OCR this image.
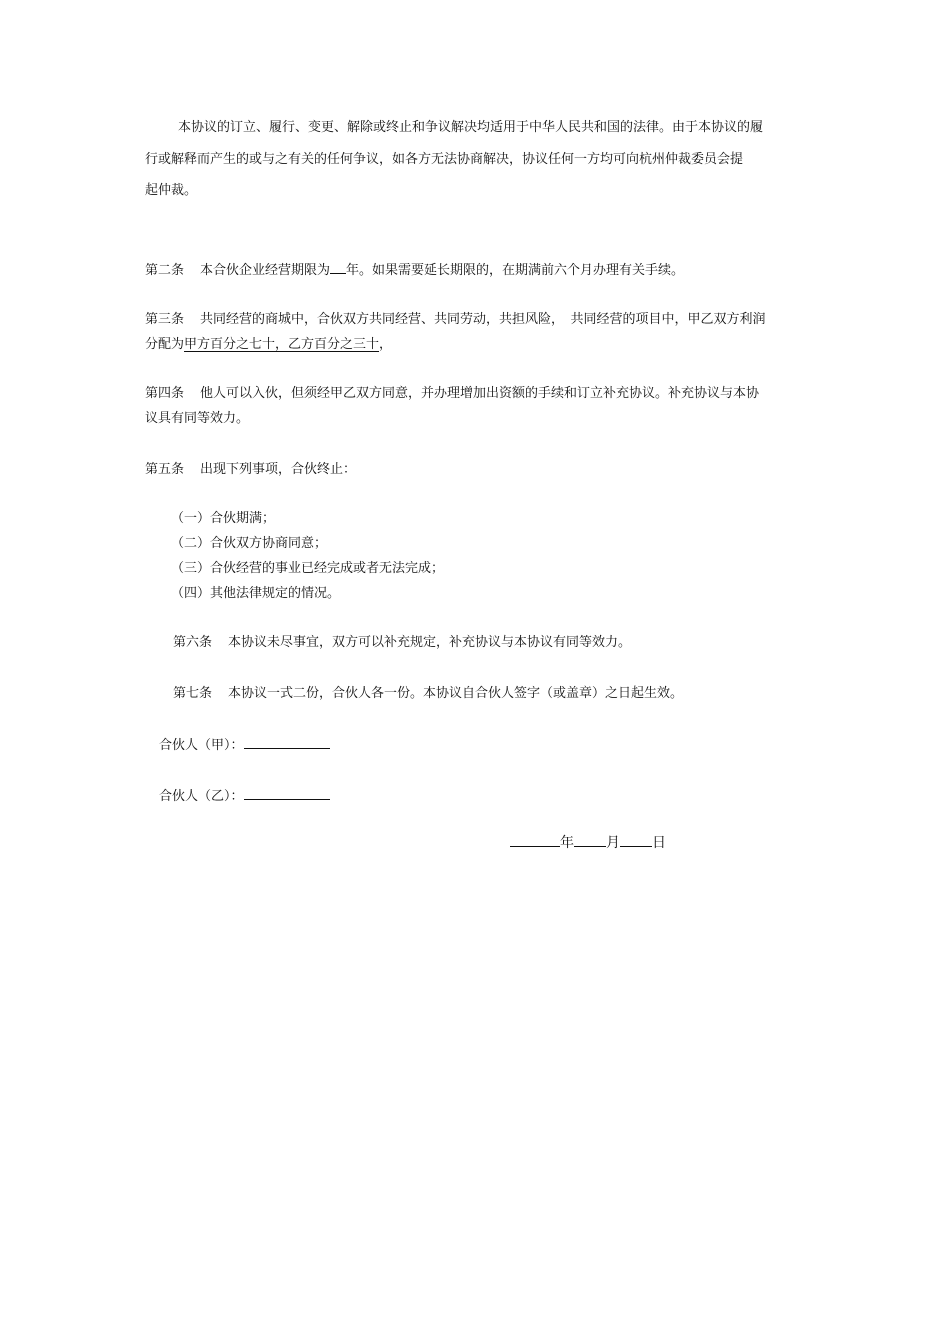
本协议的订立、履行、变更、解除或终止和争议解决均适用于中华人民共和国的法律。由于本协议的履
行或解释而产生的或与之有关的任何争议，如各方无法协商解决，协议任何一方均可向杭州仲裁委员会提
起仲裁。
第二条 本合伙企业经营期限为 年。如果需要延长期限的，在期满前六个月办理有关手续。
第三条 共同经营的商城中，合伙双方共同经营、共同劳动，共担风险，　共同经营的项目中，甲乙双方利润
分配为甲方百分之七十，乙方百分之三十，
第四条 他人可以入伙，但须经甲乙双方同意，并办理增加出资额的手续和订立补充协议。补充协议与本协
议具有同等效力。
第五条 出现下列事项，合伙终止：
（一）合伙期满；
（二）合伙双方协商同意；
（三）合伙经营的事业已经完成或者无法完成；
（四）其他法律规定的情况。
第六条 本协议未尽事宜，双方可以补充规定，补充协议与本协议有同等效力。
第七条 本协议一式二份，合伙人各一份。本协议自合伙人签字（或盖章）之日起生效。
合伙人（甲）：
合伙人（乙）：
年 月 日
